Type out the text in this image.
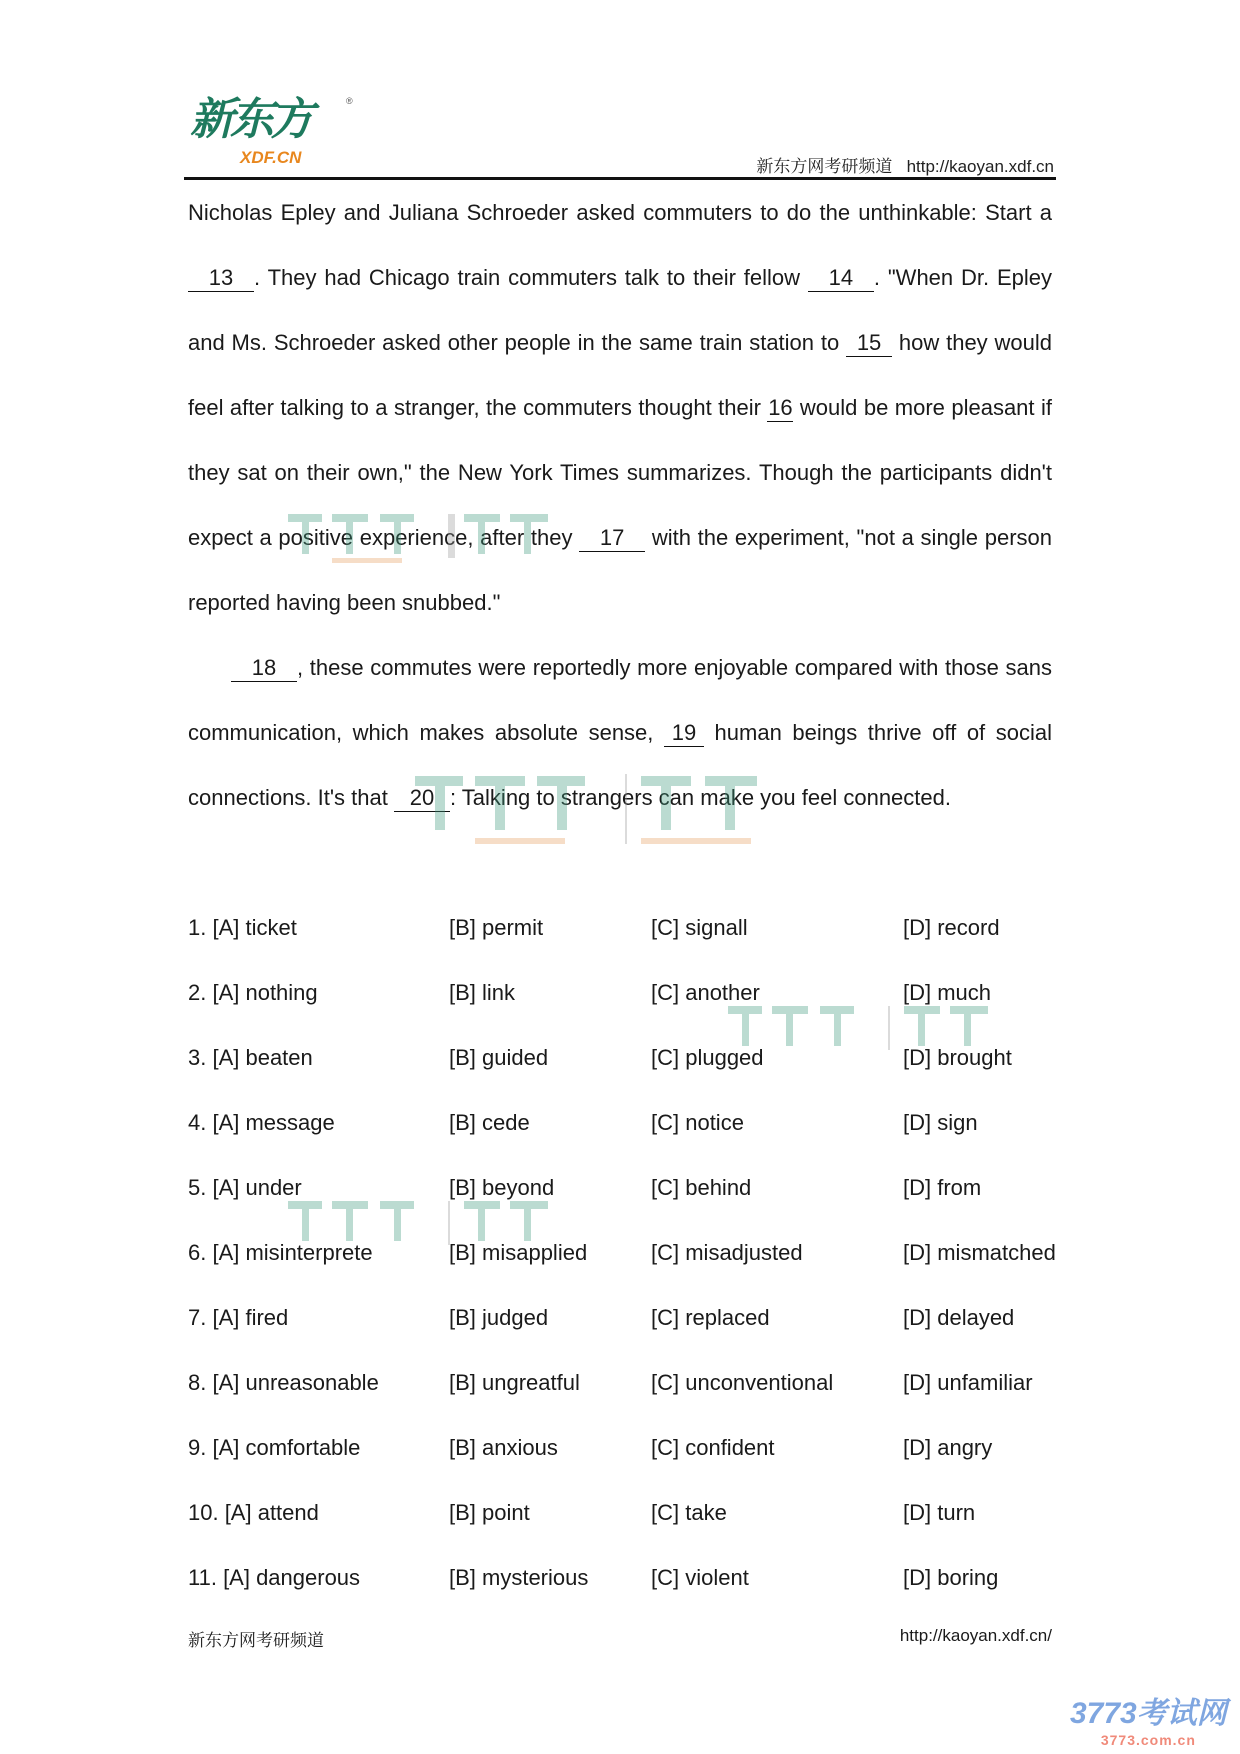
新东方
XDF.CN
®
新东方网考研频道 http://kaoyan.xdf.cn
Nicholas Epley and Juliana Schroeder asked commuters to do the unthinkable: Start a 13 . They had Chicago train commuters talk to their fellow 14 . "When Dr. Epley and Ms. Schroeder asked other people in the same train station to 15 how they would feel after talking to a stranger, the commuters thought their 16 would be more pleasant if they sat on their own," the New York Times summarizes. Though the participants didn't expect a positive experience, after they 17 with the experiment, "not a single person reported having been snubbed."
18 , these commutes were reportedly more enjoyable compared with those sans communication, which makes absolute sense, 19 human beings thrive off of social connections. It's that 20 : Talking to strangers can make you feel connected.
1. [A] ticket	[B] permit	[C] signall	[D] record
2. [A] nothing	[B] link	[C] another	[D] much
3. [A] beaten	[B] guided	[C] plugged	[D] brought
4. [A] message	[B] cede	[C] notice	[D] sign
5. [A] under	[B] beyond	[C] behind	[D] from
6. [A] misinterprete	[B] misapplied	[C] misadjusted	[D] mismatched
7. [A] fired	[B] judged	[C] replaced	[D] delayed
8. [A] unreasonable	[B] ungreatful	[C] unconventional	[D] unfamiliar
9. [A] comfortable	[B] anxious	[C] confident	[D] angry
10. [A] attend	[B] point	[C] take	[D] turn
11. [A] dangerous	[B] mysterious	[C] violent	[D] boring
新东方网考研频道	http://kaoyan.xdf.cn/
3773考试网
3773.com.cn
